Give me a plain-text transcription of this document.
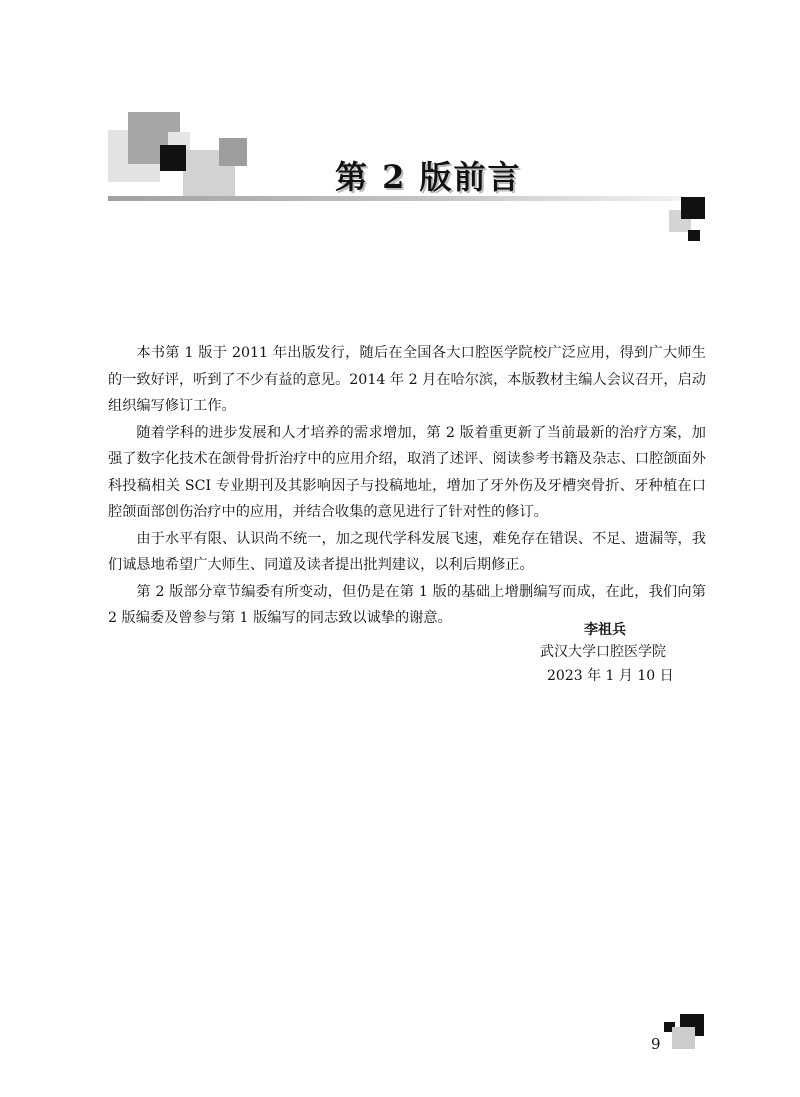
第 2 版前言

本书第 1 版于 2011 年出版发行，随后在全国各大口腔医学院校广泛应用，得到广大师生的一致好评，听到了不少有益的意见。2014 年 2 月在哈尔滨，本版教材主编人会议召开，启动组织编写修订工作。

随着学科的进步发展和人才培养的需求增加，第 2 版着重更新了当前最新的治疗方案，加强了数字化技术在颌骨骨折治疗中的应用介绍，取消了述评、阅读参考书籍及杂志、口腔颌面外科投稿相关 SCI 专业期刊及其影响因子与投稿地址，增加了牙外伤及牙槽突骨折、牙种植在口腔颌面部创伤治疗中的应用，并结合收集的意见进行了针对性的修订。

由于水平有限、认识尚不统一，加之现代学科发展飞速，难免存在错误、不足、遗漏等，我们诚恳地希望广大师生、同道及读者提出批判建议，以利后期修正。

第 2 版部分章节编委有所变动，但仍是在第 1 版的基础上增删编写而成，在此，我们向第 2 版编委及曾参与第 1 版编写的同志致以诚挚的谢意。

李祖兵
武汉大学口腔医学院
2023 年 1 月 10 日
9
